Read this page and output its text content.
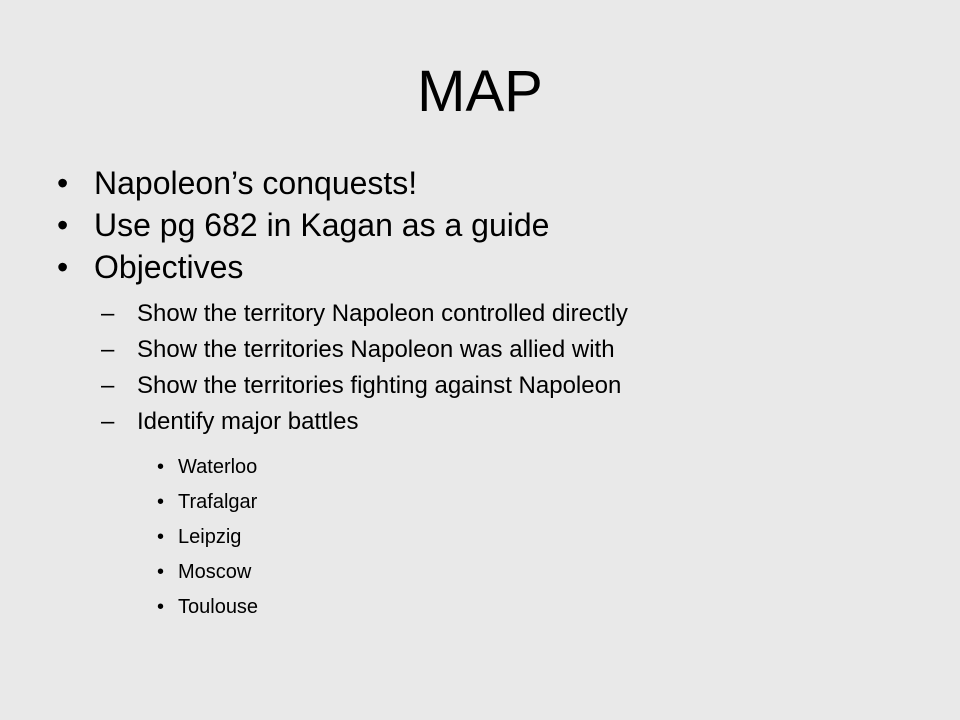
MAP
• Napoleon’s conquests!
• Use pg 682 in Kagan as a guide
• Objectives
– Show the territory Napoleon controlled directly
– Show the territories Napoleon was allied with
– Show the territories fighting against Napoleon
– Identify major battles
• Waterloo
• Trafalgar
• Leipzig
• Moscow
• Toulouse
